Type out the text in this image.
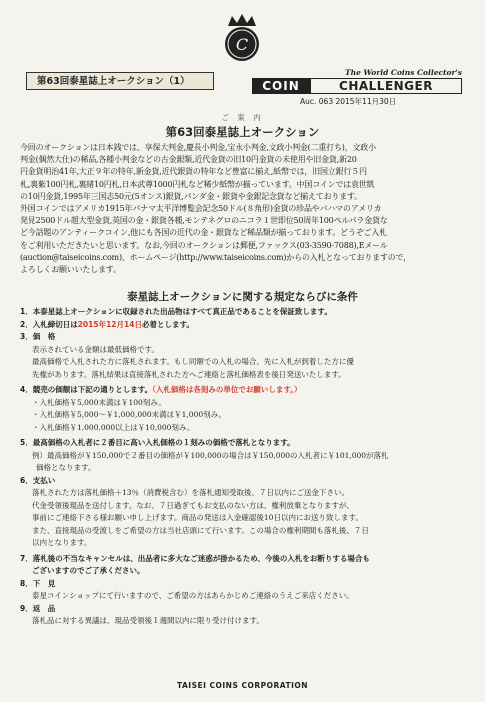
C
第63回泰星誌上オークション（1）
The World Coins Collector's
COIN	CHALLENGER
Auc. 063 2015年11月30日
ご 案 内
第63回泰星誌上オークション
今回のオークションは日本銭では、享保大判金,慶長小判金,宝永小判金,文政小判金(二重打ち)，文政小
判金(偶然大仕)の稀品,各種小判金などの古金銀類,近代金貨の旧10円金貨の未使用や旧金貨,新20
円金貨明治41年,大正９年の特年,新金貨,近代銀貨の特年など豊富に揃え,紙幣では，旧国立銀行５円
札,裏紫100円札,裏緒10円札,日本武尊1000円札など稀少紙幣が揃っています。中国コインでは袁世凱
の10円金貨,1995年三国志50元(5オンス)銀貨,パンダ金・銀貨や金銀記念貨など揃えております。
外国コインではアメリカ1915年パナマ太平洋博覧会記念50ドル(８角形)金貨の珍品やバハマのアメリカ
発見2500ドル超大型金貨,英国の金・銀貨各種,モンテネグロのニコラ１世即位50周年100ペルパラ金貨な
ど今話題のアンティークコイン,他にも各国の近代の金・銀貨など稀品類が揃っております。どうぞご入札
をご利用いただきたいと思います。なお,今回のオークションは郵便,ファックス(03-3590-7088),Eメール
(auction@taiseicoins.com)、ホームページ(http://www.taiseicoins.com)からの入札となっておりますので，
よろしくお願いいたします。
泰星誌上オークションに関する規定ならびに条件
1．本泰星誌上オークションに収録された出品物はすべて真正品であることを保証致します。
2．入札締切日は2015年12月14日必着とします。
3．価　格
表示されている金額は最低価格です。
最高価格で入札された方に落札されます。もし同額での入札の場合、先に入札が到着した方に優
先権があります。落札結果は直接落札された方へご連絡と落札価格表を後日発送いたします。
4．競売の価額は下記の通りとします。（入札価格は各刻みの単位でお願いします。）
・入札価格￥5,000未満は￥100刻み。
・入札価格￥5,000～￥1,000,000未満は￥1,000刻み。
・入札価格￥1,000,000以上は￥10,000刻み。
5．最高価格の入札者に２番目に高い入札価格の１刻みの価格で落札となります。
例）最高価格が￥150,000で２番目の価格が￥100,000の場合は￥150,000の入札者に￥101,000が落札
価格となります。
6．支払い
落札された方は落札価格＋13％（消費税含む）を落札通知受取後、７日以内にご送金下さい。
代金受領後現品を送付します。なお、７日過ぎてもお支払のない方は、権利放棄となりますが、
事前にご連絡下さる様お願い申し上げます。商品の発送は入金確認後10日以内にお送り致します。
また、直接現品の受渡しをご希望の方は当社店頭にて行います。この場合の権利期間も落札後、７日
以内となります。
7．落札後の不当なキャンセルは、出品者に多大なご迷惑が掛かるため、今後の入札をお断りする場合も
ございますのでご了承ください。
8．下　見
泰星コインショップにて行いますので、ご希望の方はあらかじめご連絡のうえご来店ください。
9．返　品
落札品に対する異議は、現品受領後１週間以内に限り受け付けます。
TAISEI COINS CORPORATION
